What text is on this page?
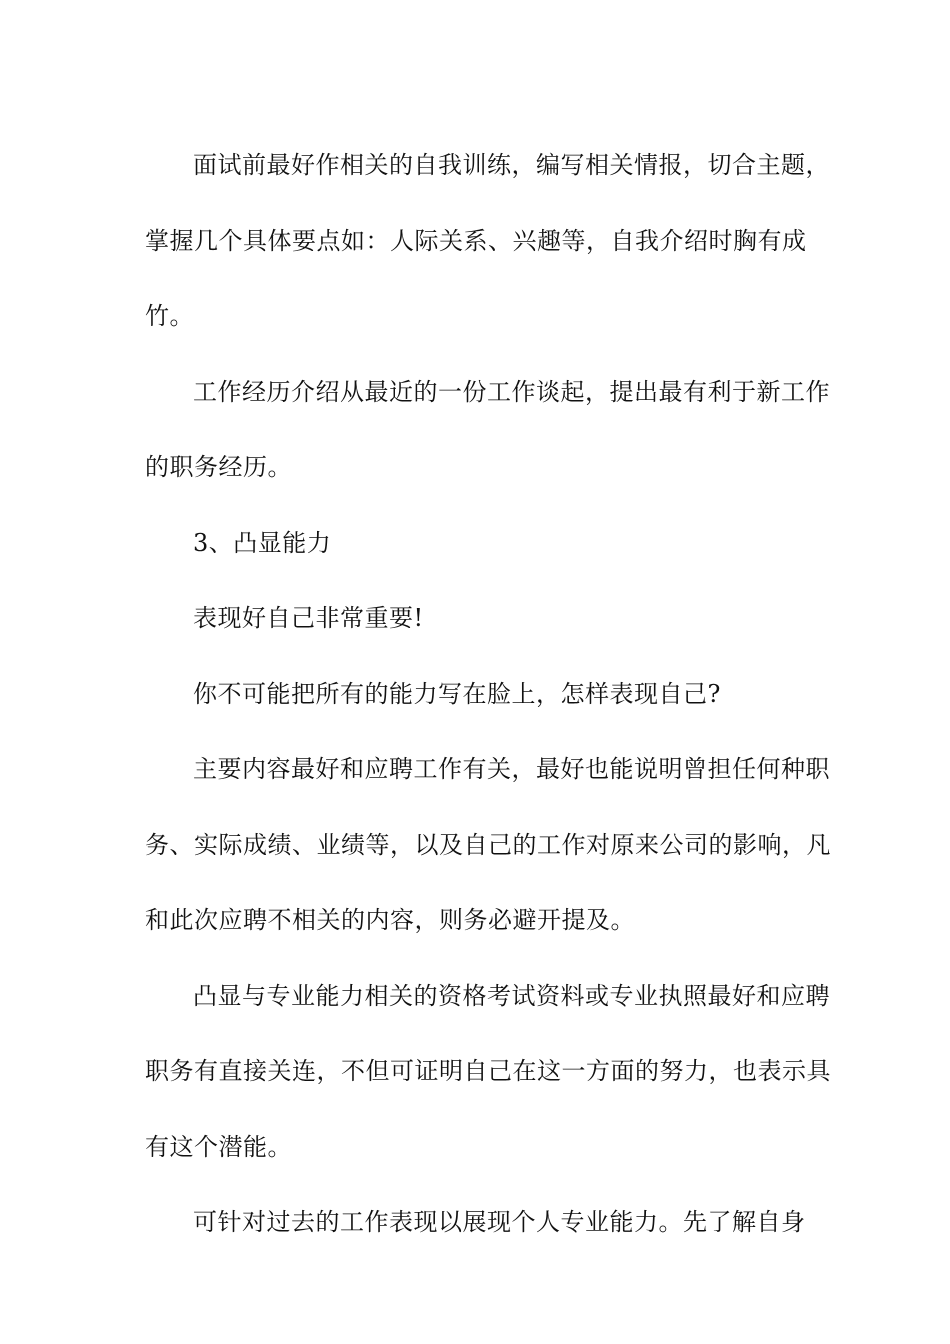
面试前最好作相关的自我训练，编写相关情报，切合主题，掌握几个具体要点如：人际关系、兴趣等，自我介绍时胸有成竹。

工作经历介绍从最近的一份工作谈起，提出最有利于新工作的职务经历。

3、凸显能力

表现好自己非常重要!

你不可能把所有的能力写在脸上，怎样表现自己?

主要内容最好和应聘工作有关，最好也能说明曾担任何种职务、实际成绩、业绩等，以及自己的工作对原来公司的影响，凡和此次应聘不相关的内容，则务必避开提及。

凸显与专业能力相关的资格考试资料或专业执照最好和应聘职务有直接关连，不但可证明自己在这一方面的努力，也表示具有这个潜能。

可针对过去的工作表现以展现个人专业能力。先了解自身
